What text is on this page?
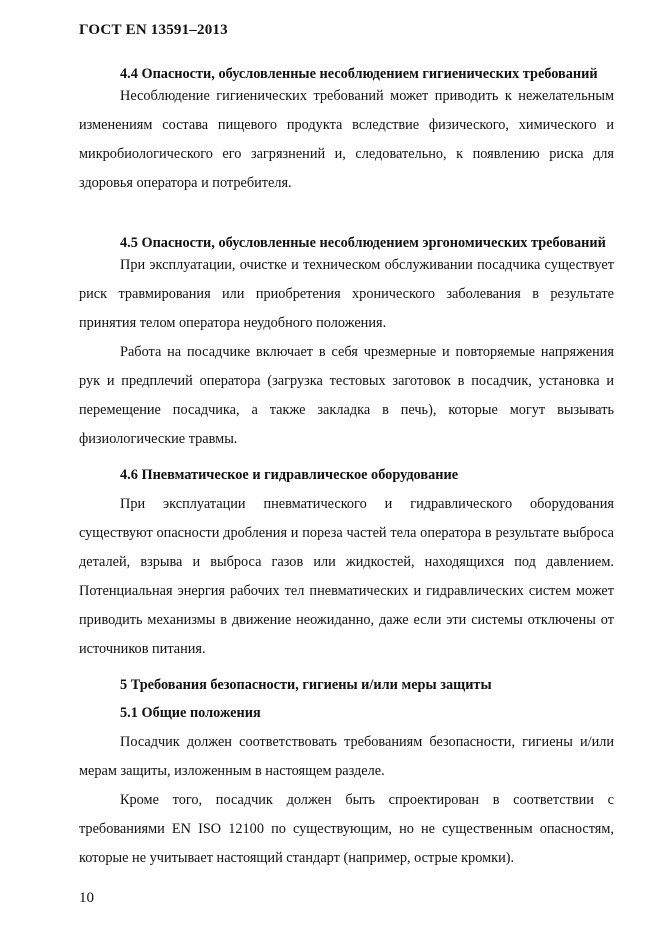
ГОСТ EN 13591–2013
4.4 Опасности, обусловленные несоблюдением гигиенических требований

Несоблюдение гигиенических требований может приводить к нежелательным изменениям состава пищевого продукта вследствие физического, химического и микробиологического его загрязнений и, следовательно, к появлению риска для здоровья оператора и потребителя.

4.5 Опасности, обусловленные несоблюдением эргономических требований

При эксплуатации, очистке и техническом обслуживании посадчика существует риск травмирования или приобретения хронического заболевания в результате принятия телом оператора неудобного положения.

Работа на посадчике включает в себя чрезмерные и повторяемые напряжения рук и предплечий оператора (загрузка тестовых заготовок в посадчик, установка и перемещение посадчика, а также закладка в печь), которые могут вызывать физиологические травмы.

4.6 Пневматическое и гидравлическое оборудование

При эксплуатации пневматического и гидравлического оборудования существуют опасности дробления и пореза частей тела оператора в результате выброса деталей, взрыва и выброса газов или жидкостей, находящихся под давлением. Потенциальная энергия рабочих тел пневматических и гидравлических систем может приводить механизмы в движение неожиданно, даже если эти системы отключены от источников питания.

5 Требования безопасности, гигиены и/или меры защиты
5.1 Общие положения

Посадчик должен соответствовать требованиям безопасности, гигиены и/или мерам защиты, изложенным в настоящем разделе.

Кроме того, посадчик должен быть спроектирован в соответствии с требованиями EN ISO 12100 по существующим, но не существенным опасностям, которые не учитывает настоящий стандарт (например, острые кромки).

10
